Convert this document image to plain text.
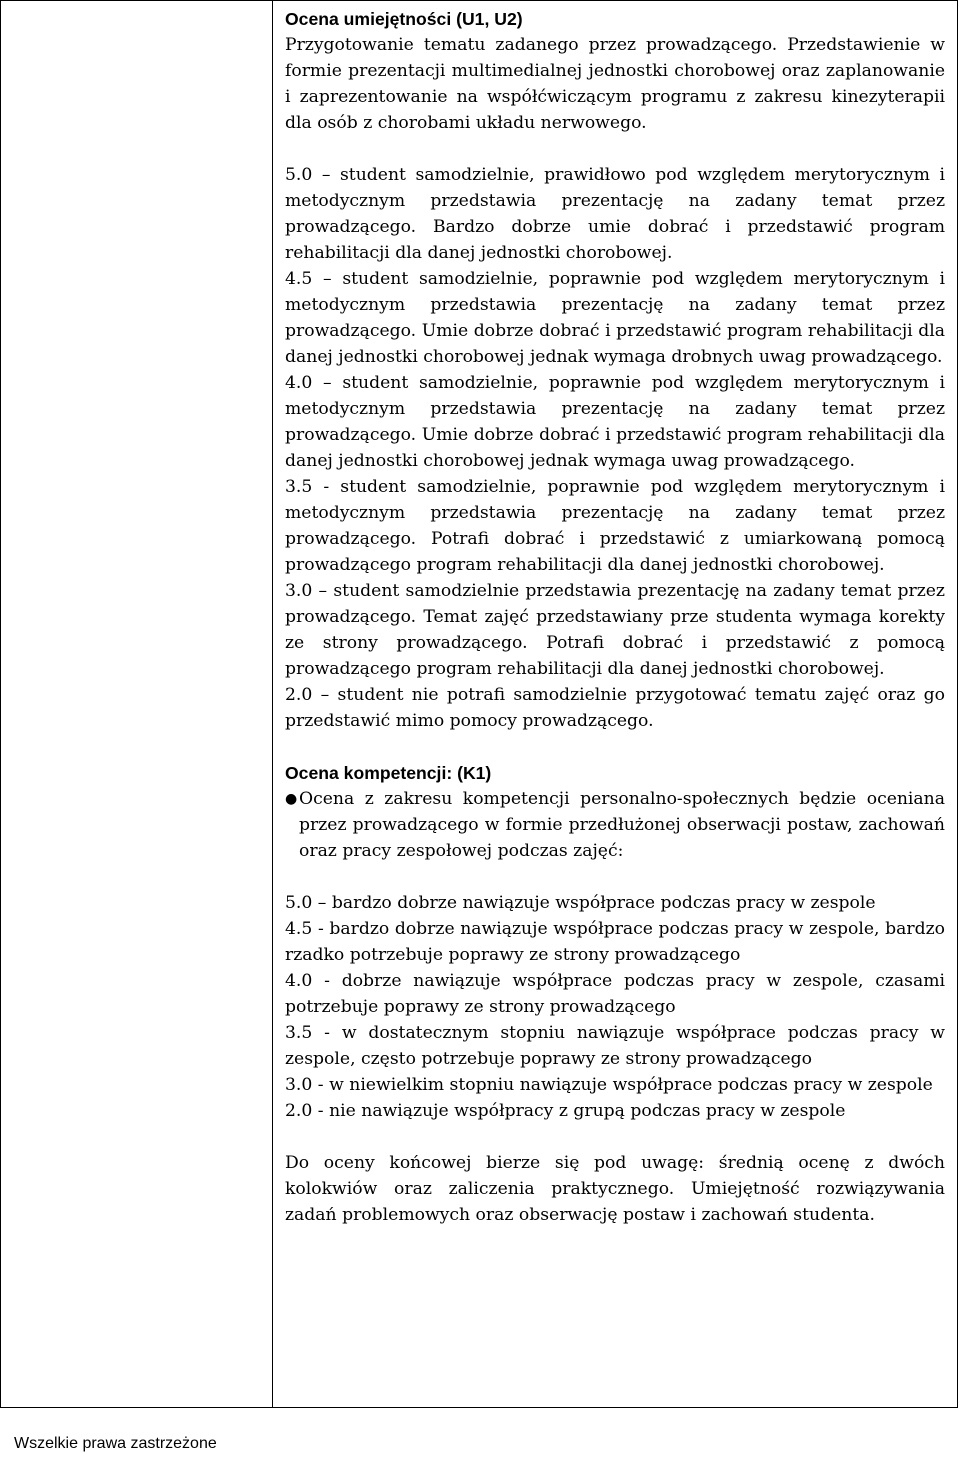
Ocena umiejętności (U1, U2)

Przygotowanie tematu zadanego przez prowadzącego. Przedstawienie w formie prezentacji multimedialnej jednostki chorobowej oraz zaplanowanie i zaprezentowanie na współćwiczącym programu z zakresu kinezyterapii dla osób z chorobami układu nerwowego.

5.0 – student samodzielnie, prawidłowo pod względem merytorycznym i metodycznym przedstawia prezentację na zadany temat przez prowadzącego. Bardzo dobrze umie dobrać i przedstawić program rehabilitacji dla danej jednostki chorobowej.

4.5 – student samodzielnie, poprawnie pod względem merytorycznym i metodycznym przedstawia prezentację na zadany temat przez prowadzącego. Umie dobrze dobrać i przedstawić program rehabilitacji dla danej jednostki chorobowej jednak wymaga drobnych uwag prowadzącego.

4.0 – student samodzielnie, poprawnie pod względem merytorycznym i metodycznym przedstawia prezentację na zadany temat przez prowadzącego. Umie dobrze dobrać i przedstawić program rehabilitacji dla danej jednostki chorobowej jednak wymaga uwag prowadzącego.

3.5 - student samodzielnie, poprawnie pod względem merytorycznym i metodycznym przedstawia prezentację na zadany temat przez prowadzącego. Potrafi dobrać i przedstawić z umiarkowaną pomocą prowadzącego program rehabilitacji dla danej jednostki chorobowej.

3.0 – student samodzielnie przedstawia prezentację na zadany temat przez prowadzącego. Temat zajęć przedstawiany prze studenta wymaga korekty ze strony prowadzącego. Potrafi dobrać i przedstawić z pomocą prowadzącego program rehabilitacji dla danej jednostki chorobowej.

2.0 – student nie potrafi samodzielnie przygotować tematu zajęć oraz go przedstawić mimo pomocy prowadzącego.

Ocena kompetencji: (K1)
● Ocena z zakresu kompetencji personalno-społecznych będzie oceniana przez prowadzącego w formie przedłużonej obserwacji postaw, zachowań oraz pracy zespołowej podczas zajęć:

5.0 – bardzo dobrze nawiązuje współprace podczas pracy w zespole

4.5 - bardzo dobrze nawiązuje współprace podczas pracy w zespole, bardzo rzadko potrzebuje poprawy ze strony prowadzącego

4.0 - dobrze nawiązuje współprace podczas pracy w zespole, czasami potrzebuje poprawy ze strony prowadzącego

3.5 - w dostatecznym stopniu nawiązuje współprace podczas pracy w zespole, często potrzebuje poprawy ze strony prowadzącego

3.0 - w niewielkim stopniu nawiązuje współprace podczas pracy w zespole

2.0 - nie nawiązuje współpracy z grupą podczas pracy w zespole

Do oceny końcowej bierze się pod uwagę: średnią ocenę z dwóch kolokwiów oraz zaliczenia praktycznego. Umiejętność rozwiązywania zadań problemowych oraz obserwację postaw i zachowań studenta.

Wszelkie prawa zastrzeżone
